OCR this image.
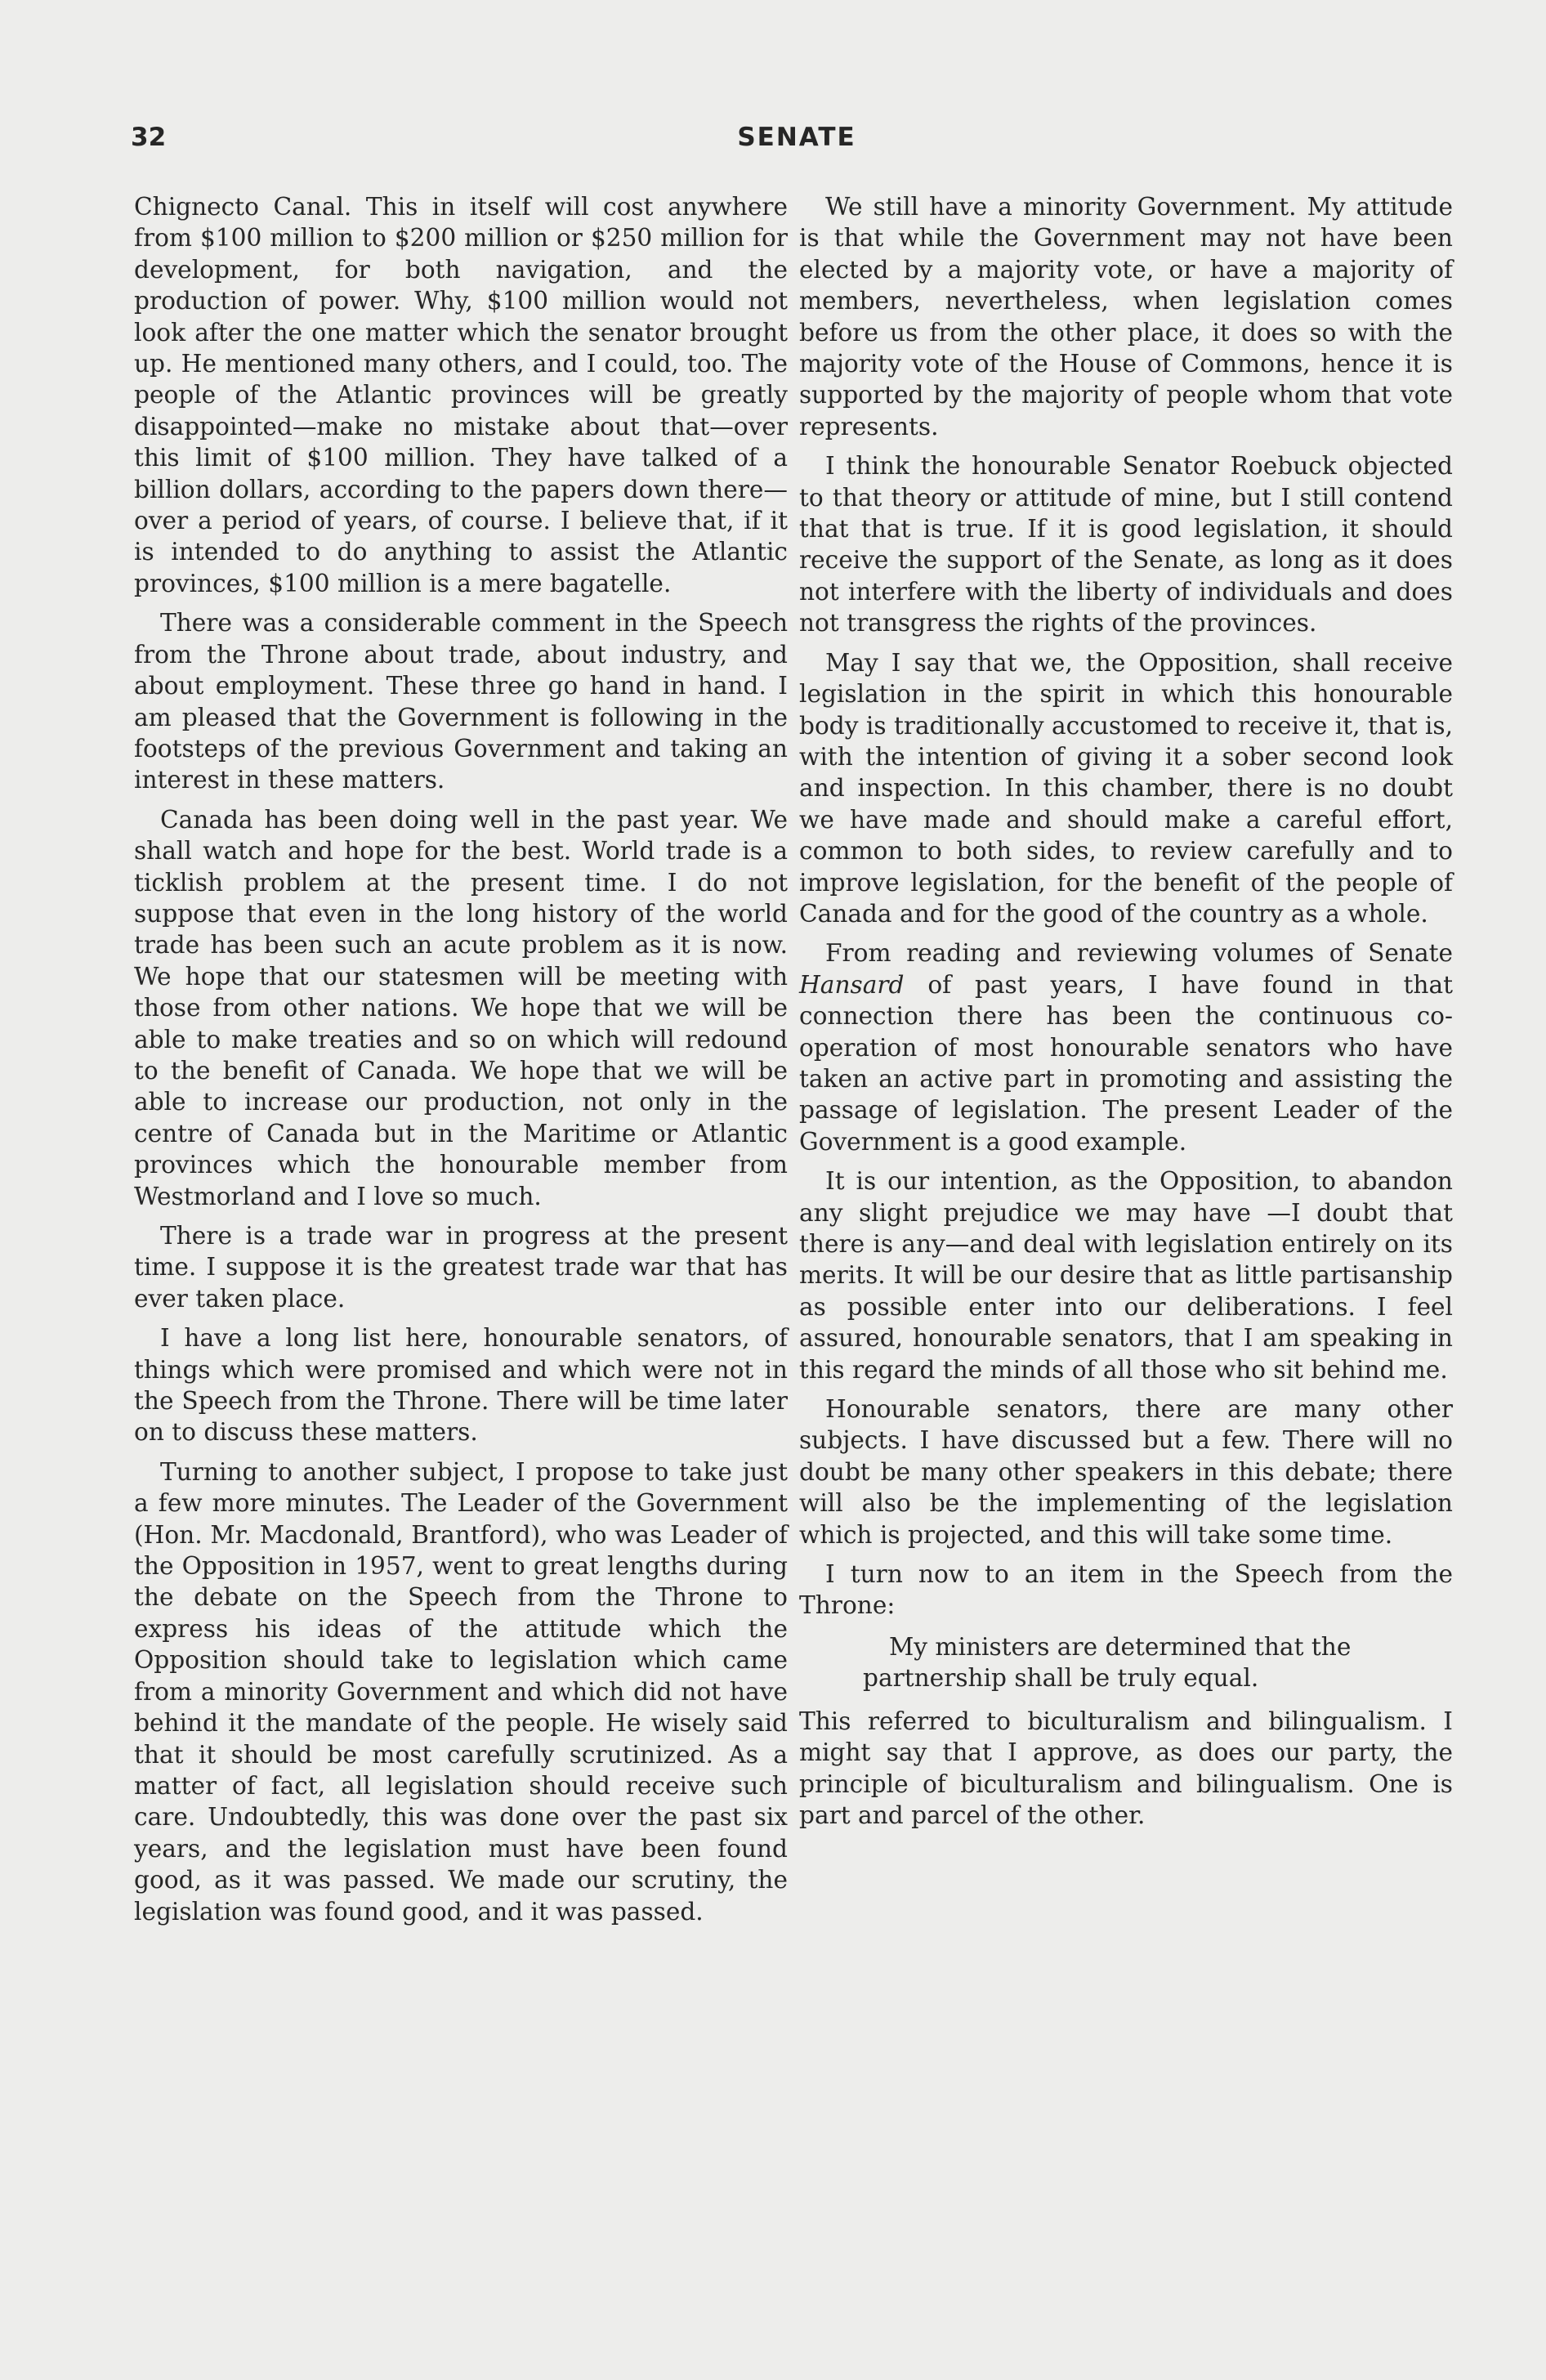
32	SENATE

Chignecto Canal. This in itself will cost anywhere from $100 million to $200 million or $250 million for development, for both navigation, and the production of power. Why, $100 million would not look after the one matter which the senator brought up. He mentioned many others, and I could, too. The people of the Atlantic provinces will be greatly disappointed—make no mistake about that—over this limit of $100 million. They have talked of a billion dollars, according to the papers down there—over a period of years, of course. I believe that, if it is intended to do anything to assist the Atlantic provinces, $100 million is a mere bagatelle.

There was a considerable comment in the Speech from the Throne about trade, about industry, and about employment. These three go hand in hand. I am pleased that the Government is following in the footsteps of the previous Government and taking an interest in these matters.

Canada has been doing well in the past year. We shall watch and hope for the best. World trade is a ticklish problem at the present time. I do not suppose that even in the long history of the world trade has been such an acute problem as it is now. We hope that our statesmen will be meeting with those from other nations. We hope that we will be able to make treaties and so on which will redound to the benefit of Canada. We hope that we will be able to increase our production, not only in the centre of Canada but in the Maritime or Atlantic provinces which the honourable member from Westmorland and I love so much.

There is a trade war in progress at the present time. I suppose it is the greatest trade war that has ever taken place.

I have a long list here, honourable senators, of things which were promised and which were not in the Speech from the Throne. There will be time later on to discuss these matters.

Turning to another subject, I propose to take just a few more minutes. The Leader of the Government (Hon. Mr. Macdonald, Brantford), who was Leader of the Opposition in 1957, went to great lengths during the debate on the Speech from the Throne to express his ideas of the attitude which the Opposition should take to legislation which came from a minority Government and which did not have behind it the mandate of the people. He wisely said that it should be most carefully scrutinized. As a matter of fact, all legislation should receive such care. Undoubtedly, this was done over the past six years, and the legislation must have been found good, as it was passed. We made our scrutiny, the legislation was found good, and it was passed.

We still have a minority Government. My attitude is that while the Government may not have been elected by a majority vote, or have a majority of members, nevertheless, when legislation comes before us from the other place, it does so with the majority vote of the House of Commons, hence it is supported by the majority of people whom that vote represents.

I think the honourable Senator Roebuck objected to that theory or attitude of mine, but I still contend that that is true. If it is good legislation, it should receive the support of the Senate, as long as it does not interfere with the liberty of individuals and does not transgress the rights of the provinces.

May I say that we, the Opposition, shall receive legislation in the spirit in which this honourable body is traditionally accustomed to receive it, that is, with the intention of giving it a sober second look and inspection. In this chamber, there is no doubt we have made and should make a careful effort, common to both sides, to review carefully and to improve legislation, for the benefit of the people of Canada and for the good of the country as a whole.

From reading and reviewing volumes of Senate Hansard of past years, I have found in that connection there has been the continuous co-operation of most honourable senators who have taken an active part in promoting and assisting the passage of legislation. The present Leader of the Government is a good example.

It is our intention, as the Opposition, to abandon any slight prejudice we may have —I doubt that there is any—and deal with legislation entirely on its merits. It will be our desire that as little partisanship as possible enter into our deliberations. I feel assured, honourable senators, that I am speaking in this regard the minds of all those who sit behind me.

Honourable senators, there are many other subjects. I have discussed but a few. There will no doubt be many other speakers in this debate; there will also be the implementing of the legislation which is projected, and this will take some time.

I turn now to an item in the Speech from the Throne:

My ministers are determined that the partnership shall be truly equal.

This referred to biculturalism and bilingualism. I might say that I approve, as does our party, the principle of biculturalism and bilingualism. One is part and parcel of the other.
